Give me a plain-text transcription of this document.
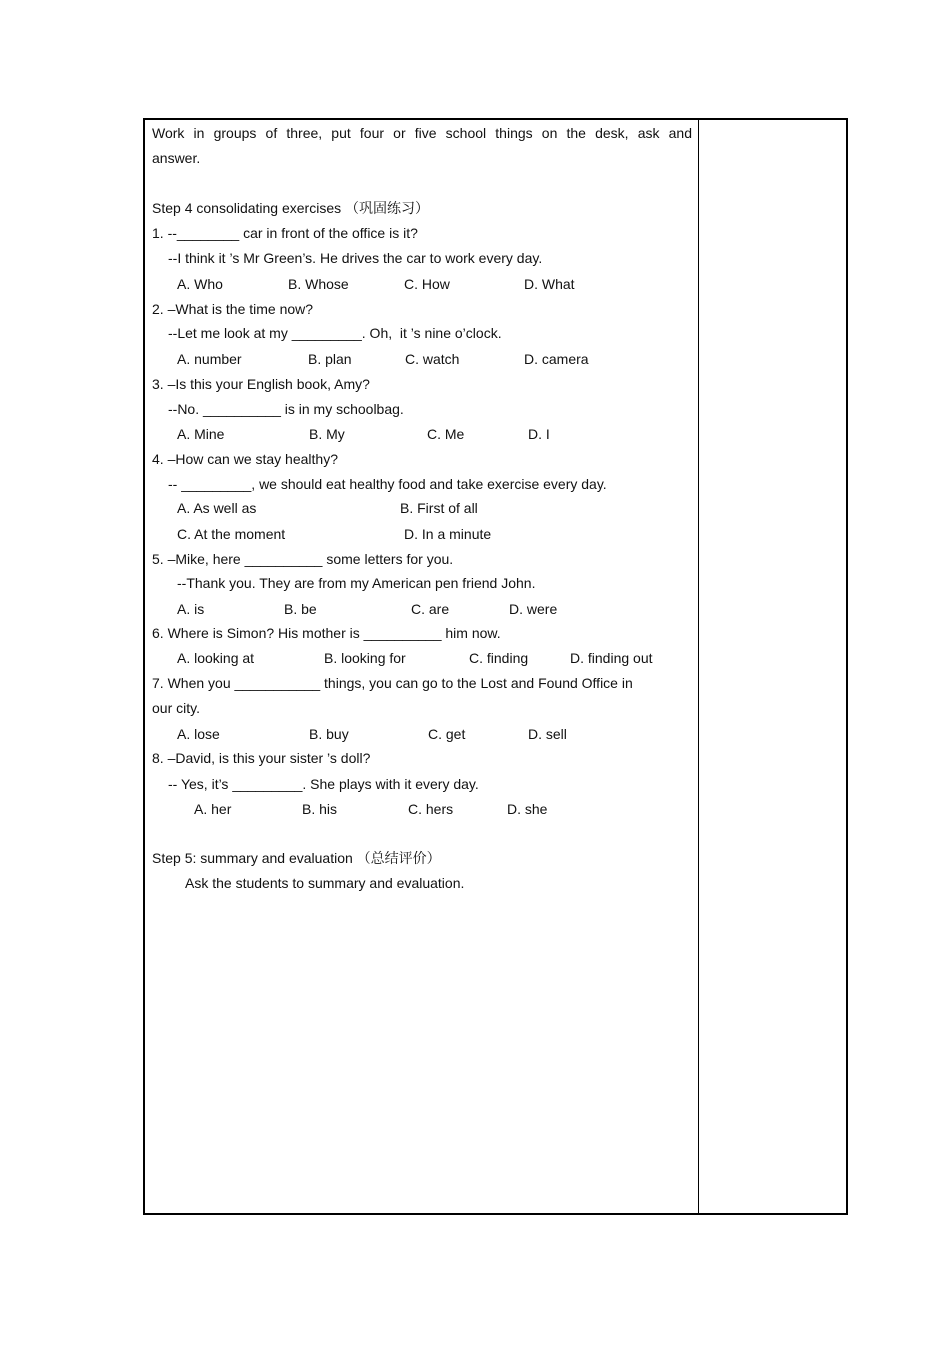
Work in groups of three, put four or five school things on the desk, ask and
answer.
Step 4 consolidating exercises （巩固练习）
1. --________ car in front of the office is it?
--I think it ’s Mr Green’s. He drives the car to work every day.
A. Who	B. Whose	C. How	D. What
2. –What is the time now?
--Let me look at my _________. Oh,  it ’s nine o’clock.
A. number	B. plan	C. watch	D. camera
3. –Is this your English book, Amy?
--No. __________ is in my schoolbag.
A. Mine	B. My	C. Me	D. I
4. –How can we stay healthy?
-- _________, we should eat healthy food and take exercise every day.
A. As well as	B. First of all
C. At the moment	D. In a minute
5. –Mike, here __________ some letters for you.
--Thank you. They are from my American pen friend John.
A. is	B. be	C. are	D. were
6. Where is Simon? His mother is __________ him now.
A. looking at	B. looking for	C. finding	D. finding out
7. When you ___________ things, you can go to the Lost and Found Office in
our city.
A. lose	B. buy	C. get	D. sell
8. –David, is this your sister ’s doll?
-- Yes, it’s _________. She plays with it every day.
A. her	B. his	C. hers	D. she
Step 5: summary and evaluation （总结评价）
Ask the students to summary and evaluation.
